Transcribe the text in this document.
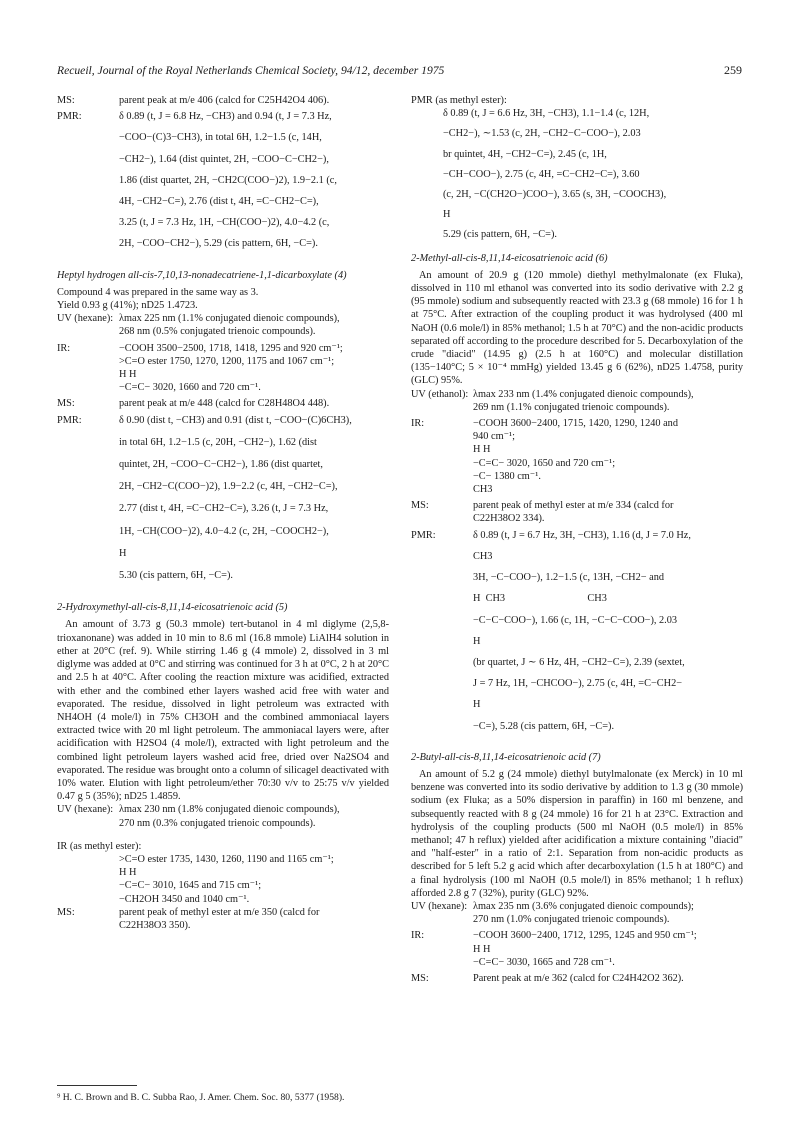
Recueil, Journal of the Royal Netherlands Chemical Society, 94/12, december 1975	259
MS:	parent peak at m/e 406 (calcd for C25H42O4 406).
PMR:	δ 0.89 (t, J = 6.8 Hz, −CH3) and 0.94 (t, J = 7.3 Hz,
−COO−(C)3−CH3), in total 6H, 1.2−1.5 (c, 14H,
−CH2−), 1.64 (dist quintet, 2H, −COO−C−CH2−),
1.86 (dist quartet, 2H, −CH2C(COO−)2), 1.9−2.1 (c,
4H, −CH2−C=), 2.76 (dist t, 4H, =C−CH2−C=),
3.25 (t, J = 7.3 Hz, 1H, −CH(COO−)2), 4.0−4.2 (c,
2H, −COO−CH2−), 5.29 (cis pattern, 6H, −C=).
Heptyl hydrogen all-cis-7,10,13-nonadecatriene-1,1-dicarboxylate (4)
Compound 4 was prepared in the same way as 3.
Yield 0.93 g (41%); nD25 1.4723.
UV (hexane): λmax 225 nm (1.1% conjugated dienoic compounds),
268 nm (0.5% conjugated trienoic compounds).
IR:	−COOH 3500−2500, 1718, 1418, 1295 and 920 cm⁻¹;
>C=O ester 1750, 1270, 1200, 1175 and 1067 cm⁻¹;
H H
−C=C− 3020, 1660 and 720 cm⁻¹.
MS:	parent peak at m/e 448 (calcd for C28H48O4 448).
PMR:	δ 0.90 (dist t, −CH3) and 0.91 (dist t, −COO−(C)6CH3),
in total 6H, 1.2−1.5 (c, 20H, −CH2−), 1.62 (dist
quintet, 2H, −COO−C−CH2−), 1.86 (dist quartet,
2H, −CH2−C(COO−)2), 1.9−2.2 (c, 4H, −CH2−C=),
2.77 (dist t, 4H, =C−CH2−C=), 3.26 (t, J = 7.3 Hz,
1H, −CH(COO−)2), 4.0−4.2 (c, 2H, −COOCH2−),
H
5.30 (cis pattern, 6H, −C=).
2-Hydroxymethyl-all-cis-8,11,14-eicosatrienoic acid (5)
An amount of 3.73 g (50.3 mmole) tert-butanol in 4 ml diglyme (2,5,8-trioxanonane) was added in 10 min to 8.6 ml (16.8 mmole) LiAlH4 solution in ether at 20°C (ref. 9). While stirring 1.46 g (4 mmole) 2, dissolved in 3 ml diglyme was added at 0°C and stirring was continued for 3 h at 0°C, 2 h at 20°C and 2.5 h at 40°C. After cooling the reaction mixture was acidified, extracted with ether and the combined ether layers washed acid free with water and evaporated. The residue, dissolved in light petroleum was extracted with NH4OH (4 mole/l) in 75% CH3OH and the combined ammoniacal layers extracted twice with 20 ml light petroleum. The ammoniacal layers were, after acidification with H2SO4 (4 mole/l), extracted with light petroleum and the combined light petroleum layers washed acid free, dried over Na2SO4 and evaporated. The residue was brought onto a column of silicagel deactivated with 10% water. Elution with light petroleum/ether 70:30 v/v to 25:75 v/v yielded 0.47 g 5 (35%); nD25 1.4859.
UV (hexane): λmax 230 nm (1.8% conjugated dienoic compounds),
270 nm (0.3% conjugated trienoic compounds).
IR (as methyl ester):
>C=O ester 1735, 1430, 1260, 1190 and 1165 cm⁻¹;
H H
−C=C− 3010, 1645 and 715 cm⁻¹;
−CH2OH 3450 and 1040 cm⁻¹.
MS:	parent peak of methyl ester at m/e 350 (calcd for
C22H38O3 350).
⁹ H. C. Brown and B. C. Subba Rao, J. Amer. Chem. Soc. 80, 5377 (1958).
PMR (as methyl ester):
δ 0.89 (t, J = 6.6 Hz, 3H, −CH3), 1.1−1.4 (c, 12H,
−CH2−), ∼1.53 (c, 2H, −CH2−C−COO−), 2.03
br quintet, 4H, −CH2−C=), 2.45 (c, 1H,
−CH−COO−), 2.75 (c, 4H, =C−CH2−C=), 3.60
(c, 2H, −C(CH2O−)COO−), 3.65 (s, 3H, −COOCH3),
H
5.29 (cis pattern, 6H, −C=).
2-Methyl-all-cis-8,11,14-eicosatrienoic acid (6)
An amount of 20.9 g (120 mmole) diethyl methylmalonate (ex Fluka), dissolved in 110 ml ethanol was converted into its sodio derivative with 2.2 g (95 mmole) sodium and subsequently reacted with 23.3 g (68 mmole) 16 for 1 h at 75°C. After extraction of the coupling product it was hydrolysed (400 ml NaOH (0.6 mole/l) in 85% methanol; 1.5 h at 70°C) and the non-acidic products separated off according to the procedure described for 5. Decarboxylation of the crude "diacid" (14.95 g) (2.5 h at 160°C) and molecular distillation (135−140°C; 5 × 10⁻⁴ mmHg) yielded 13.45 g 6 (62%), nD25 1.4758, purity (GLC) 95%.
UV (ethanol): λmax 233 nm (1.4% conjugated dienoic compounds),
269 nm (1.1% conjugated trienoic compounds).
IR:	−COOH 3600−2400, 1715, 1420, 1290, 1240 and
940 cm⁻¹;
H H
−C=C− 3020, 1650 and 720 cm⁻¹;
−C− 1380 cm⁻¹.
CH3
MS:	parent peak of methyl ester at m/e 334 (calcd for
C22H38O2 334).
PMR:	δ 0.89 (t, J = 6.7 Hz, 3H, −CH3), 1.16 (d, J = 7.0 Hz,
CH3
3H, −C−COO−), 1.2−1.5 (c, 13H, −CH2− and
H  CH3                                CH3
−C−C−COO−), 1.66 (c, 1H, −C−C−COO−), 2.03
H
(br quartet, J ∼ 6 Hz, 4H, −CH2−C=), 2.39 (sextet,
J = 7 Hz, 1H, −CHCOO−), 2.75 (c, 4H, =C−CH2−
H
−C=), 5.28 (cis pattern, 6H, −C=).
2-Butyl-all-cis-8,11,14-eicosatrienoic acid (7)
An amount of 5.2 g (24 mmole) diethyl butylmalonate (ex Merck) in 10 ml benzene was converted into its sodio derivative by addition to 1.3 g (30 mmole) sodium (ex Fluka; as a 50% dispersion in paraffin) in 160 ml benzene, and subsequently reacted with 8 g (24 mmole) 16 for 21 h at 23°C. Extraction and hydrolysis of the coupling products (500 ml NaOH (0.5 mole/l) in 85% methanol; 47 h reflux) yielded after acidification a mixture containing "diacid" and "half-ester" in a ratio of 2:1. Separation from non-acidic products as described for 5 left 5.2 g acid which after decarboxylation (1.5 h at 180°C) and a final hydrolysis (100 ml NaOH (0.5 mole/l) in 85% methanol; 1 h reflux) afforded 2.8 g 7 (32%), purity (GLC) 92%.
UV (hexane): λmax 235 nm (3.6% conjugated dienoic compounds);
270 nm (1.0% conjugated trienoic compounds).
IR:	−COOH 3600−2400, 1712, 1295, 1245 and 950 cm⁻¹;
H H
−C=C− 3030, 1665 and 728 cm⁻¹.
MS:	Parent peak at m/e 362 (calcd for C24H42O2 362).
